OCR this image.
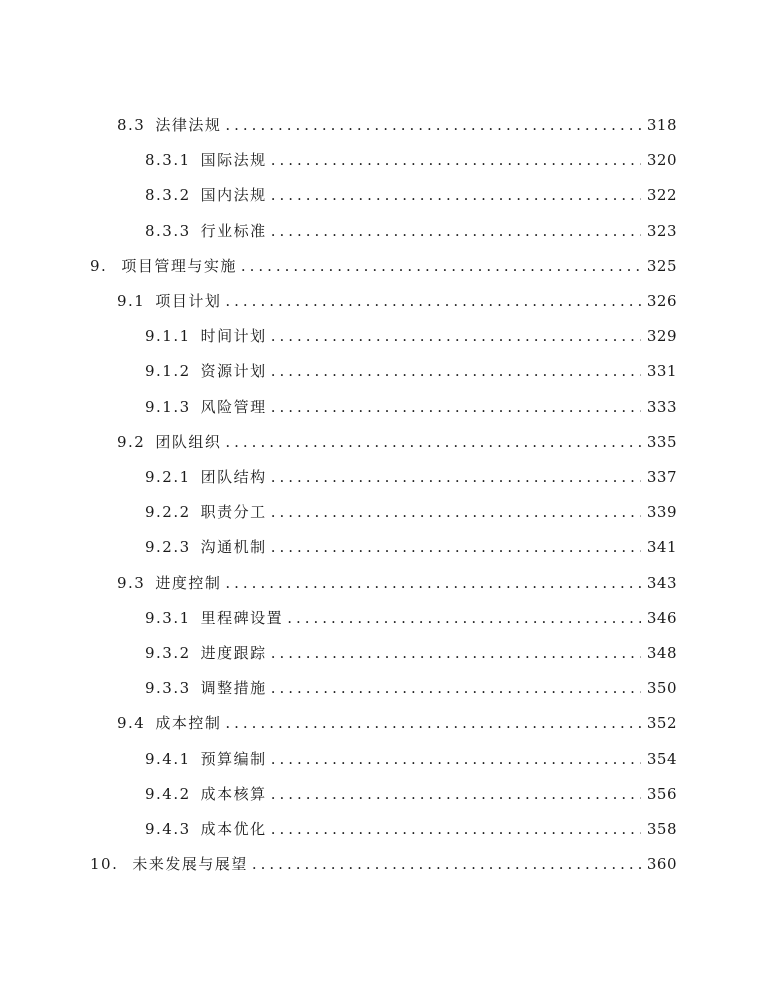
8.3 法律法规 .....	318
8.3.1 国际法规 .....	320
8.3.2 国内法规 .....	322
8.3.3 行业标准 .....	323
9. 项目管理与实施 .....	325
9.1 项目计划 .....	326
9.1.1 时间计划 .....	329
9.1.2 资源计划 .....	331
9.1.3 风险管理 .....	333
9.2 团队组织 .....	335
9.2.1 团队结构 .....	337
9.2.2 职责分工 .....	339
9.2.3 沟通机制 .....	341
9.3 进度控制 .....	343
9.3.1 里程碑设置 .....	346
9.3.2 进度跟踪 .....	348
9.3.3 调整措施 .....	350
9.4 成本控制 .....	352
9.4.1 预算编制 .....	354
9.4.2 成本核算 .....	356
9.4.3 成本优化 .....	358
10. 未来发展与展望 .....	360
